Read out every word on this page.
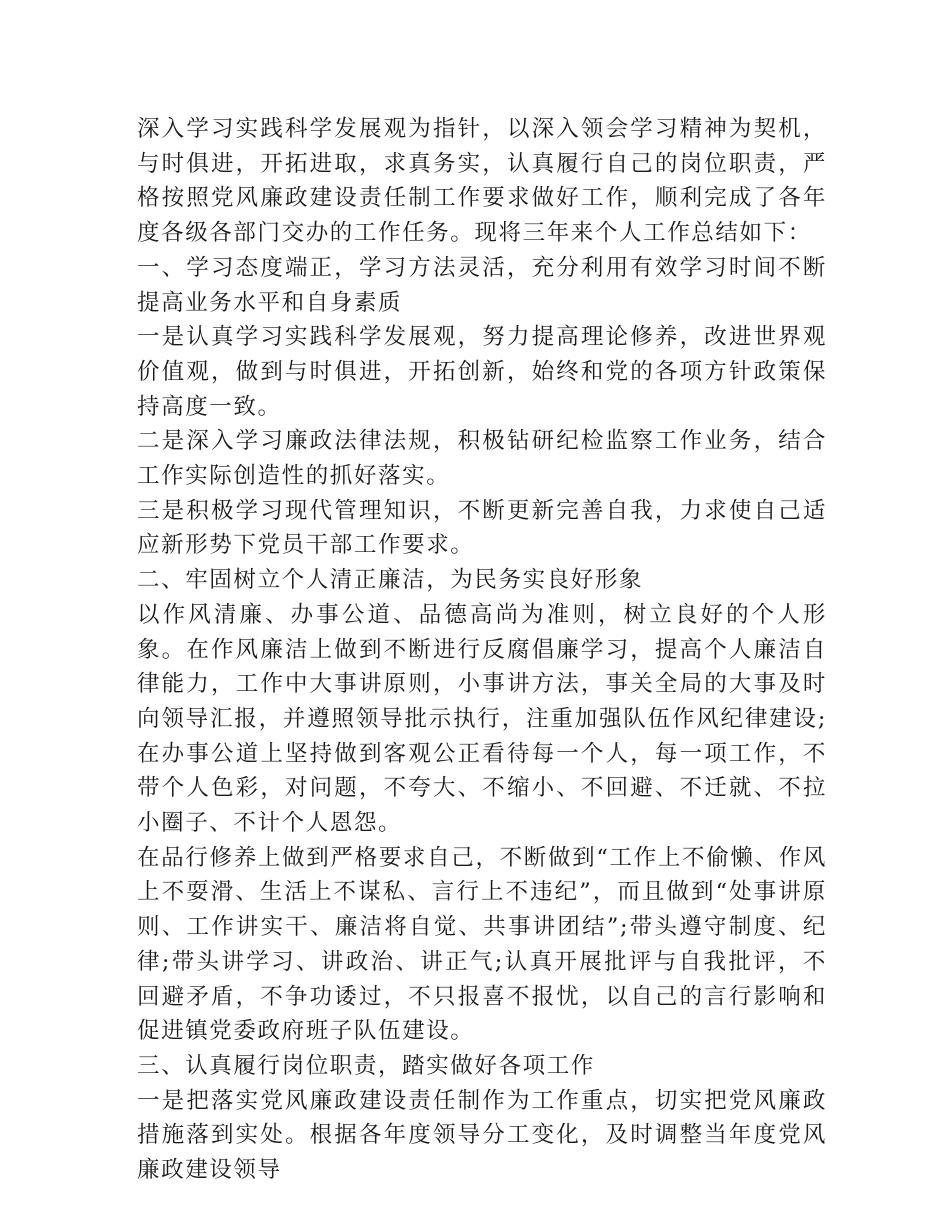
深入学习实践科学发展观为指针，以深入领会学习精神为契机，与时俱进，开拓进取，求真务实，认真履行自己的岗位职责，严格按照党风廉政建设责任制工作要求做好工作，顺利完成了各年度各级各部门交办的工作任务。现将三年来个人工作总结如下：

一、学习态度端正，学习方法灵活，充分利用有效学习时间不断提高业务水平和自身素质

一是认真学习实践科学发展观，努力提高理论修养，改进世界观价值观，做到与时俱进，开拓创新，始终和党的各项方针政策保持高度一致。

二是深入学习廉政法律法规，积极钻研纪检监察工作业务，结合工作实际创造性的抓好落实。

三是积极学习现代管理知识，不断更新完善自我，力求使自己适应新形势下党员干部工作要求。

二、牢固树立个人清正廉洁，为民务实良好形象

以作风清廉、办事公道、品德高尚为准则，树立良好的个人形象。在作风廉洁上做到不断进行反腐倡廉学习，提高个人廉洁自律能力，工作中大事讲原则，小事讲方法，事关全局的大事及时向领导汇报，并遵照领导批示执行，注重加强队伍作风纪律建设;在办事公道上坚持做到客观公正看待每一个人，每一项工作，不带个人色彩，对问题，不夸大、不缩小、不回避、不迁就、不拉小圈子、不计个人恩怨。

在品行修养上做到严格要求自己，不断做到“工作上不偷懒、作风上不耍滑、生活上不谋私、言行上不违纪”，而且做到“处事讲原则、工作讲实干、廉洁将自觉、共事讲团结”;带头遵守制度、纪律;带头讲学习、讲政治、讲正气;认真开展批评与自我批评，不回避矛盾，不争功诿过，不只报喜不报忧，以自己的言行影响和促进镇党委政府班子队伍建设。

三、认真履行岗位职责，踏实做好各项工作

一是把落实党风廉政建设责任制作为工作重点，切实把党风廉政措施落到实处。根据各年度领导分工变化，及时调整当年度党风廉政建设领导
